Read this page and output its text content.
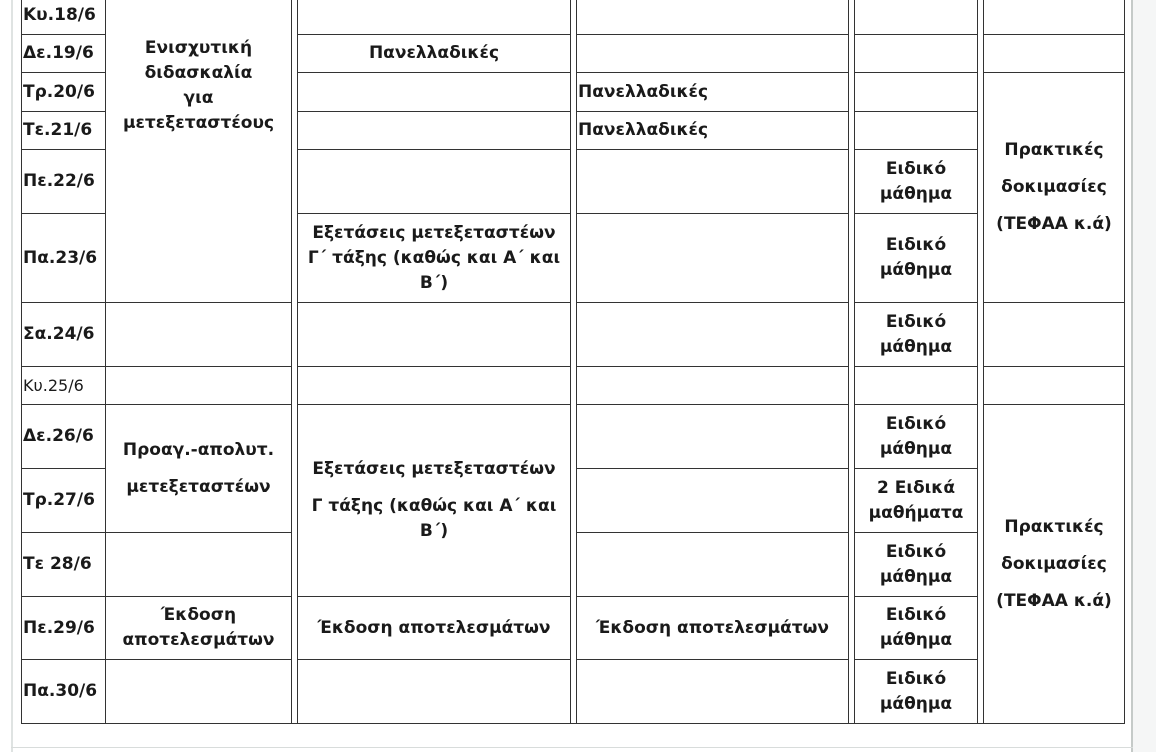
Κυ.18/6
Δε.19/6
Τρ.20/6
Τε.21/6
Πε.22/6
Πα.23/6
Σα.24/6
Κυ.25/6
Δε.26/6
Τρ.27/6
Τε 28/6
Πε.29/6
Πα.30/6
Ενισχυτική
διδασκαλία
για
μετεξεταστέους
Προαγ.-απολυτ.
μετεξεταστέων
Έκδοση
αποτελεσμάτων
Πανελλαδικές
Εξετάσεις μετεξεταστέων
Γ΄ τάξης (καθώς και Α΄ και
Β΄)
Εξετάσεις μετεξεταστέων
Γ τάξης (καθώς και Α΄ και
Β΄)
Έκδοση αποτελεσμάτων
Πανελλαδικές
Πανελλαδικές
Έκδοση αποτελεσμάτων
Ειδικό
μάθημα
Ειδικό
μάθημα
Ειδικό
μάθημα
Ειδικό
μάθημα
2 Ειδικά
μαθήματα
Ειδικό
μάθημα
Ειδικό
μάθημα
Ειδικό
μάθημα
Πρακτικές
δοκιμασίες
(ΤΕΦΑΑ κ.ά)
Πρακτικές
δοκιμασίες
(ΤΕΦΑΑ κ.ά)
